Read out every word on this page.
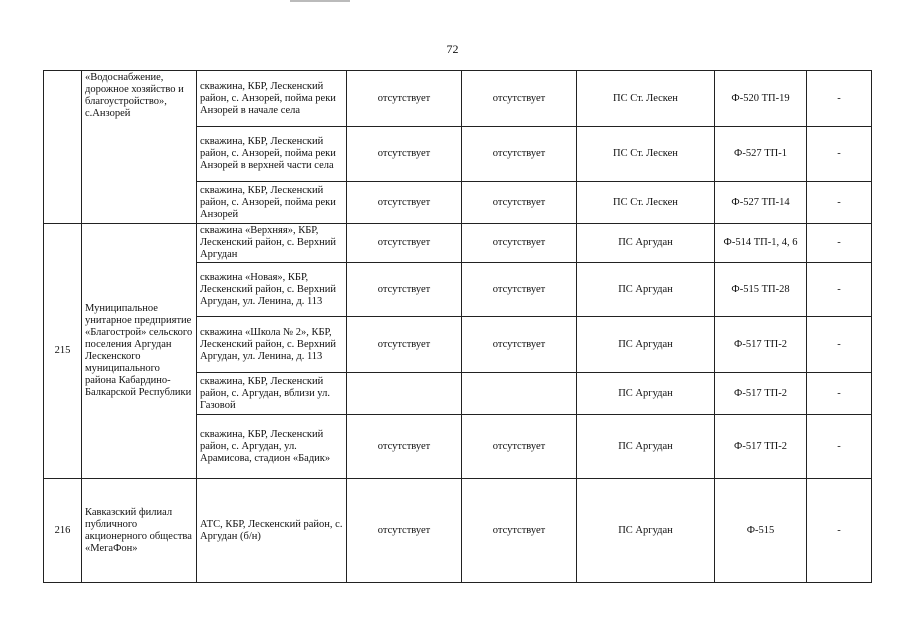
72
	«Водоснабжение, дорожное хозяйство и благоустройство», с.Анзорей	скважина, КБР, Лескенский район, с. Анзорей, поймa реки Анзорей в начале села	отсутствует	отсутствует	ПС Ст. Лескен	Ф-520 ТП-19	-
		скважина, КБР, Лескенский район, с. Анзорей, пойма реки Анзорей в верхней части села	отсутствует	отсутствует	ПС Ст. Лескен	Ф-527 ТП-1	-
		скважина, КБР, Лескенский район, с. Анзорей, пойма реки Анзорей	отсутствует	отсутствует	ПС Ст. Лескен	Ф-527 ТП-14	-
215	Муниципальное унитарное предприятие «Благострой» сельского поселения Аргудан Лескенского муниципального района Кабардино-Балкарской Республики	скважина «Верхняя», КБР, Лескенский район, с. Верхний Аргудан	отсутствует	отсутствует	ПС Аргудан	Ф-514 ТП-1, 4, 6	-
		скважина «Новая», КБР, Лескенский район, с. Верхний Аргудан, ул. Ленина, д. 113	отсутствует	отсутствует	ПС Аргудан	Ф-515 ТП-28	-
		скважина «Школа № 2», КБР, Лескенский район, с. Верхний Аргудан, ул. Ленина, д. 113	отсутствует	отсутствует	ПС Аргудан	Ф-517 ТП-2	-
		скважина, КБР, Лескенский район, с. Аргудан, вблизи ул. Газовой			ПС Аргудан	Ф-517 ТП-2	-
		скважина, КБР, Лескенский район, с. Аргудан, ул. Арамисова, стадион «Бадик»	отсутствует	отсутствует	ПС Аргудан	Ф-517 ТП-2	-
216	Кавказский филиал публичного акционерного общества «МегаФон»	АТС, КБР, Лескенский район, с. Аргудан (б/н)	отсутствует	отсутствует	ПС Аргудан	Ф-515	-
